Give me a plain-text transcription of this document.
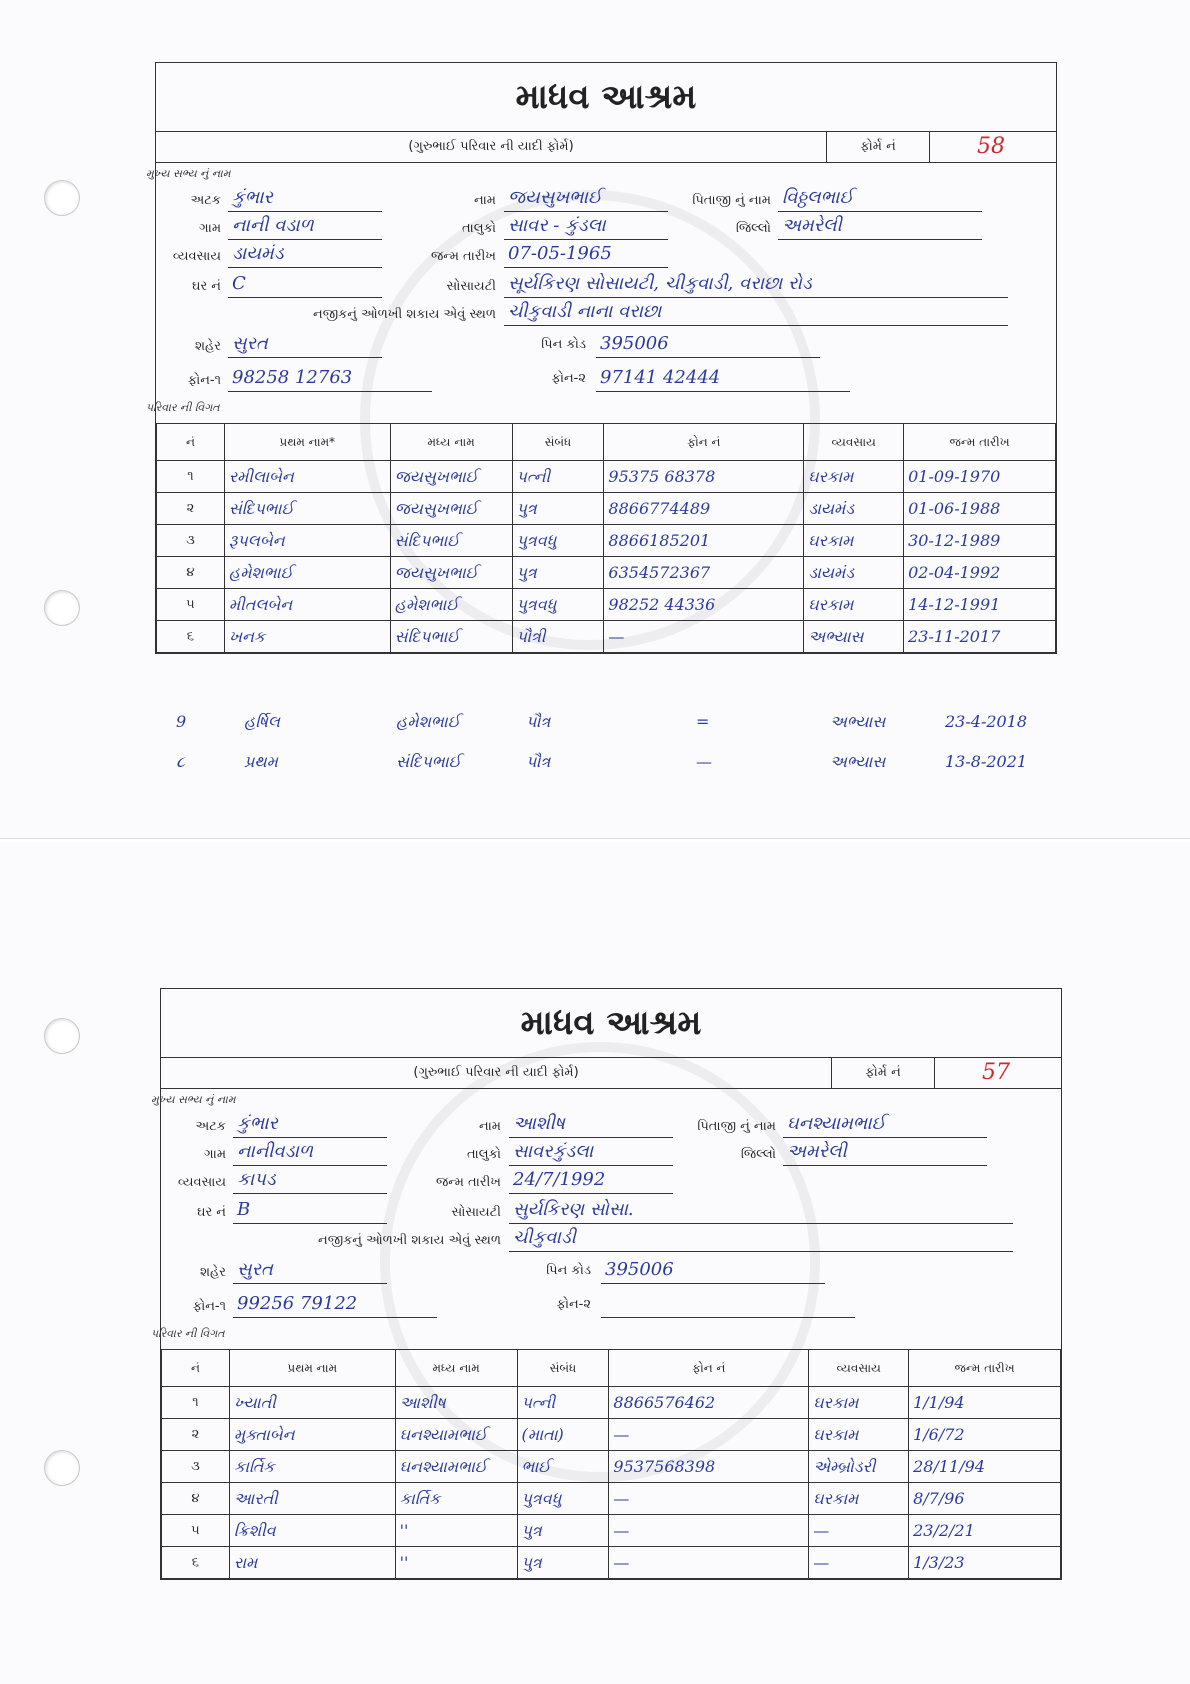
માધવ આશ્રમ
(ગુરુભાઈ પરિવાર ની યાદી ફોર્મ)	ફોર્મ નં	58
મુખ્ય સભ્ય નું નામ
અટક કુંભાર	નામ જયસુખભાઈ	પિતાજી નું નામ વિઠ્ઠલભાઈ
ગામ નાની વડાળ	તાલુકો સાવર - કુંડલા	જિલ્લો અમરેલી
વ્યવસાય ડાયમંડ	જન્મ તારીખ 07-05-1965
ઘર નં C	સોસાયટી સૂર્યકિરણ સોસાયટી, ચીકુવાડી, વરાછા રોડ
નજીકનું ઓળખી શકાય એવું સ્થળ ચીકુવાડી નાના વરાછા
શહેર સુરત	પિન કોડ 395006
ફોન-૧ 98258 12763	ફોન-૨ 97141 42444
પરિવાર ની વિગત
નં	પ્રથમ નામ*	મધ્ય નામ	સંબંધ	ફોન નં	વ્યવસાય	જન્મ તારીખ
૧	રમીલાબેન	જયસુખભાઈ	પત્ની	95375 68378	ઘરકામ	01-09-1970
૨	સંદિપભાઈ	જયસુખભાઈ	પુત્ર	8866774489	ડાયમંડ	01-06-1988
૩	રૂપલબેન	સંદિપભાઈ	પુત્રવધુ	8866185201	ઘરકામ	30-12-1989
૪	હમેશભાઈ	જયસુખભાઈ	પુત્ર	6354572367	ડાયમંડ	02-04-1992
૫	મીતલબેન	હમેશભાઈ	પુત્રવધુ	98252 44336	ઘરકામ	14-12-1991
૬	ખનક	સંદિપભાઈ	પૌત્રી	—	અભ્યાસ	23-11-2017
9	હર્ષિલ	હમેશભાઈ	પૌત્ર	=	અભ્યાસ	23-4-2018
૮	પ્રથમ	સંદિપભાઈ	પૌત્ર	—	અભ્યાસ	13-8-2021
માધવ આશ્રમ
(ગુરુભાઈ પરિવાર ની યાદી ફોર્મ)	ફોર્મ નં	57
મુખ્ય સભ્ય નું નામ
અટક કુંભાર	નામ આશીષ	પિતાજી નું નામ ઘનશ્યામભાઈ
ગામ નાનીવડાળ	તાલુકો સાવરકુંડલા	જિલ્લો અમરેલી
વ્યવસાય કાપડ	જન્મ તારીખ 24/7/1992
ઘર નં B	સોસાયટી સુર્યકિરણ સોસા.
નજીકનું ઓળખી શકાય એવું સ્થળ ચીકુવાડી
શહેર સુરત	પિન કોડ 395006
ફોન-૧ 99256 79122	ફોન-૨
પરિવાર ની વિગત
નં	પ્રથમ નામ	મધ્ય નામ	સંબંધ	ફોન નં	વ્યવસાય	જન્મ તારીખ
૧	ખ્યાતી	આશીષ	પત્ની	8866576462	ઘરકામ	1/1/94
૨	મુક્તાબેન	ઘનશ્યામભાઈ	(માતા)	—	ઘરકામ	1/6/72
૩	કાર્તિક	ઘનશ્યામભાઈ	ભાઈ	9537568398	એમ્બ્રોડરી	28/11/94
૪	આરતી	કાર્તિક	પુત્રવધુ	—	ઘરકામ	8/7/96
૫	ક્રિશીવ	''	પુત્ર	—	—	23/2/21
૬	રામ	''	પુત્ર	—	—	1/3/23
